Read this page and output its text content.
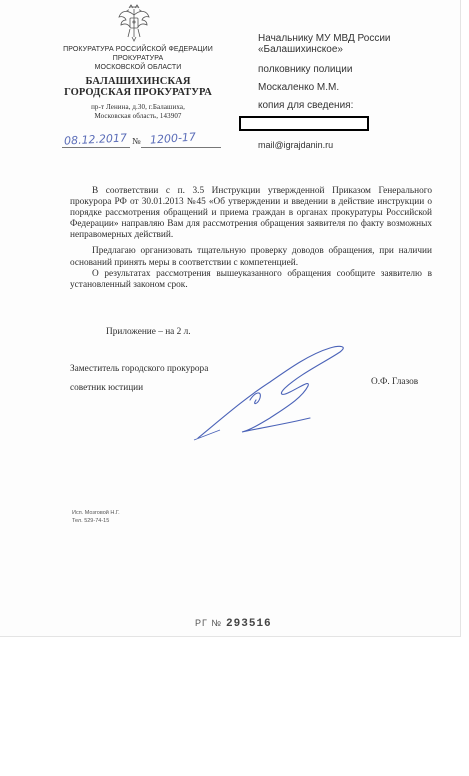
ПРОКУРАТУРА РОССИЙСКОЙ ФЕДЕРАЦИИ
ПРОКУРАТУРА
МОСКОВСКОЙ ОБЛАСТИ
БАЛАШИХИНСКАЯ
ГОРОДСКАЯ ПРОКУРАТУРА
пр-т Ленина, д.30, г.Балашиха,
Московская область, 143907
08.12.2017 № 1200-17
Начальнику МУ МВД России
«Балашихинское»
полковнику полиции
Москаленко М.М.
копия для сведения:
mail@igrajdanin.ru

В соответствии с п. 3.5 Инструкции утвержденной Приказом Генерального прокурора РФ от 30.01.2013 №45 «Об утверждении и введении в действие инструкции о порядке рассмотрения обращений и приема граждан в органах прокуратуры Российской Федерации» направляю Вам для рассмотрения обращения заявителя по факту возможных неправомерных действий.

Предлагаю организовать тщательную проверку доводов обращения, при наличии оснований принять меры в соответствии с компетенцией.

О результатах рассмотрения вышеуказанного обращения сообщите заявителю в установленный законом срок.

Приложение – на 2 л.
Заместитель городского прокурора
советник юстиции
О.Ф. Глазов
Исп. Мозговой Н.Г.
Тел. 529-74-15
РГ № 293516
